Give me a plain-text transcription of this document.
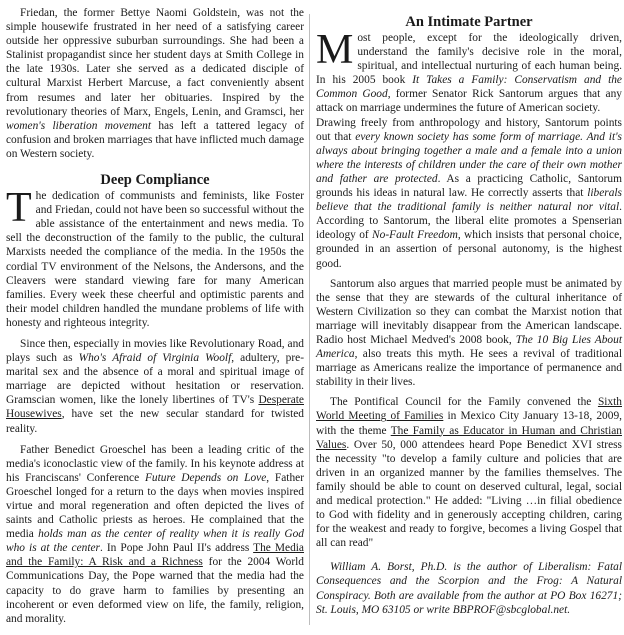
Friedan, the former Bettye Naomi Goldstein, was not the simple housewife frustrated in her need of a satisfying career outside her oppressive suburban surroundings. She had been a Stalinist propagandist since her student days at Smith College in the late 1930s. Later she served as a dedicated disciple of cultural Marxist Herbert Marcuse, a fact conveniently absent from resumes and later her obituaries. Inspired by the revolutionary theories of Marx, Engels, Lenin, and Gramsci, her women's liberation movement has left a tattered legacy of confusion and broken marriages that have inflicted much damage on Western society.

Deep Compliance

The dedication of communists and feminists, like Foster and Friedan, could not have been so successful without the able assistance of the entertainment and news media. To sell the deconstruction of the family to the public, the cultural Marxists needed the compliance of the media. In the 1950s the cordial TV environment of the Nelsons, the Andersons, and the Cleavers were standard viewing fare for many American families. Every week these cheerful and optimistic parents and their model children handled the mundane problems of life with honesty and righteous integrity.

Since then, especially in movies like Revolutionary Road, and plays such as Who's Afraid of Virginia Woolf, adultery, pre-marital sex and the absence of a moral and spiritual image of marriage are depicted without hesitation or reservation. Gramscian women, like the lonely libertines of TV's Desperate Housewives, have set the new secular standard for twisted reality.

Father Benedict Groeschel has been a leading critic of the media's iconoclastic view of the family. In his keynote address at his Franciscans' Conference Future Depends on Love, Father Groeschel longed for a return to the days when movies inspired virtue and moral regeneration and often depicted the lives of saints and Catholic priests as heroes. He complained that the media holds man as the center of reality when it is really God who is at the center. In Pope John Paul II's address The Media and the Family: A Risk and a Richness for the 2004 World Communications Day, the Pope warned that the media had the capacity to do grave harm to families by presenting an incoherent or even deformed view on life, the family, religion, and morality.

An Intimate Partner

Most people, except for the ideologically driven, understand the family's decisive role in the moral, spiritual, and intellectual nurturing of each human being. In his 2005 book It Takes a Family: Conservatism and the Common Good, former Senator Rick Santorum argues that any attack on marriage undermines the future of American society.

Drawing freely from anthropology and history, Santorum points out that every known society has some form of marriage. And it's always about bringing together a male and a female into a union where the interests of children under the care of their own mother and father are protected. As a practicing Catholic, Santorum grounds his ideas in natural law. He correctly asserts that liberals believe that the traditional family is neither natural nor vital. According to Santorum, the liberal elite promotes a Spenserian ideology of No-Fault Freedom, which insists that personal choice, grounded in an assertion of personal autonomy, is the highest good.

Santorum also argues that married people must be animated by the sense that they are stewards of the cultural inheritance of Western Civilization so they can combat the Marxist notion that marriage will inevitably disappear from the American landscape. Radio host Michael Medved's 2008 book, The 10 Big Lies About America, also treats this myth. He sees a revival of traditional marriage as Americans realize the importance of permanence and stability in their lives.

The Pontifical Council for the Family convened the Sixth World Meeting of Families in Mexico City January 13-18, 2009, with the theme The Family as Educator in Human and Christian Values. Over 50, 000 attendees heard Pope Benedict XVI stress the necessity "to develop a family culture and policies that are driven in an organized manner by the families themselves. The family should be able to count on deserved cultural, legal, social and medical protection." He added: "Living …in filial obedience to God with fidelity and in generously accepting children, caring for the weakest and ready to forgive, becomes a living Gospel that all can read"

William A. Borst, Ph.D. is the author of Liberalism: Fatal Consequences and the Scorpion and the Frog: A Natural Conspiracy. Both are available from the author at PO Box 16271; St. Louis, MO 63105 or write BBPROF@sbcglobal.net.
